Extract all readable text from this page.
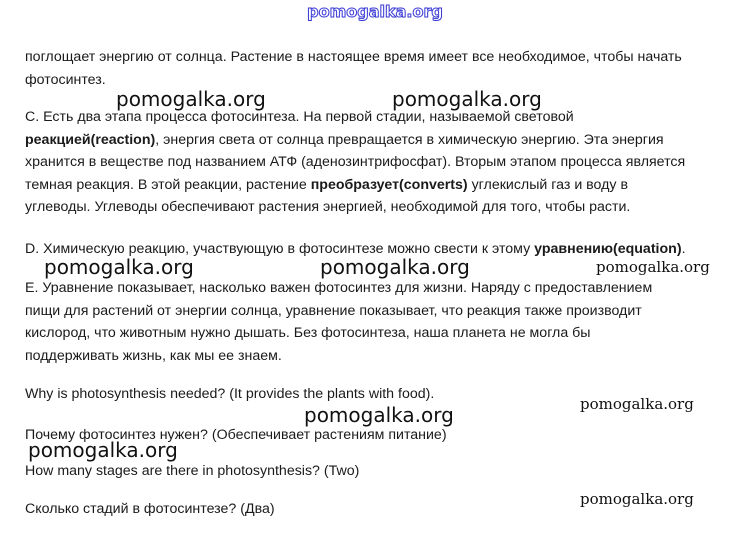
pomogalka.org

поглощает энергию от солнца. Растение в настоящее время имеет все необходимое, чтобы начать
фотосинтез.

С. Есть два этапа процесса фотосинтеза. На первой стадии, называемой световой
реакцией(reaction), энергия света от солнца превращается в химическую энергию. Эта энергия
хранится в веществе под названием АТФ (аденозинтрифосфат). Вторым этапом процесса является
темная реакция. В этой реакции, растение преобразует(converts) углекислый газ и воду в
углеводы. Углеводы обеспечивают растения энергией, необходимой для того, чтобы расти.

D. Химическую реакцию, участвующую в фотосинтезе можно свести к этому уравнению(equation).

Е. Уравнение показывает, насколько важен фотосинтез для жизни. Наряду с предоставлением
пищи для растений от энергии солнца, уравнение показывает, что реакция также производит
кислород, что животным нужно дышать. Без фотосинтеза, наша планета не могла бы
поддерживать жизнь, как мы ее знаем.

Why is photosynthesis needed? (It provides the plants with food).

Почему фотосинтез нужен? (Обеспечивает растениям питание)

How many stages are there in photosynthesis? (Two)

Сколько стадий в фотосинтезе? (Два)

pomogalka.org	pomogalka.org
pomogalka.org	pomogalka.org	pomogalka.org
pomogalka.org
pomogalka.org
pomogalka.org
pomogalka.org
